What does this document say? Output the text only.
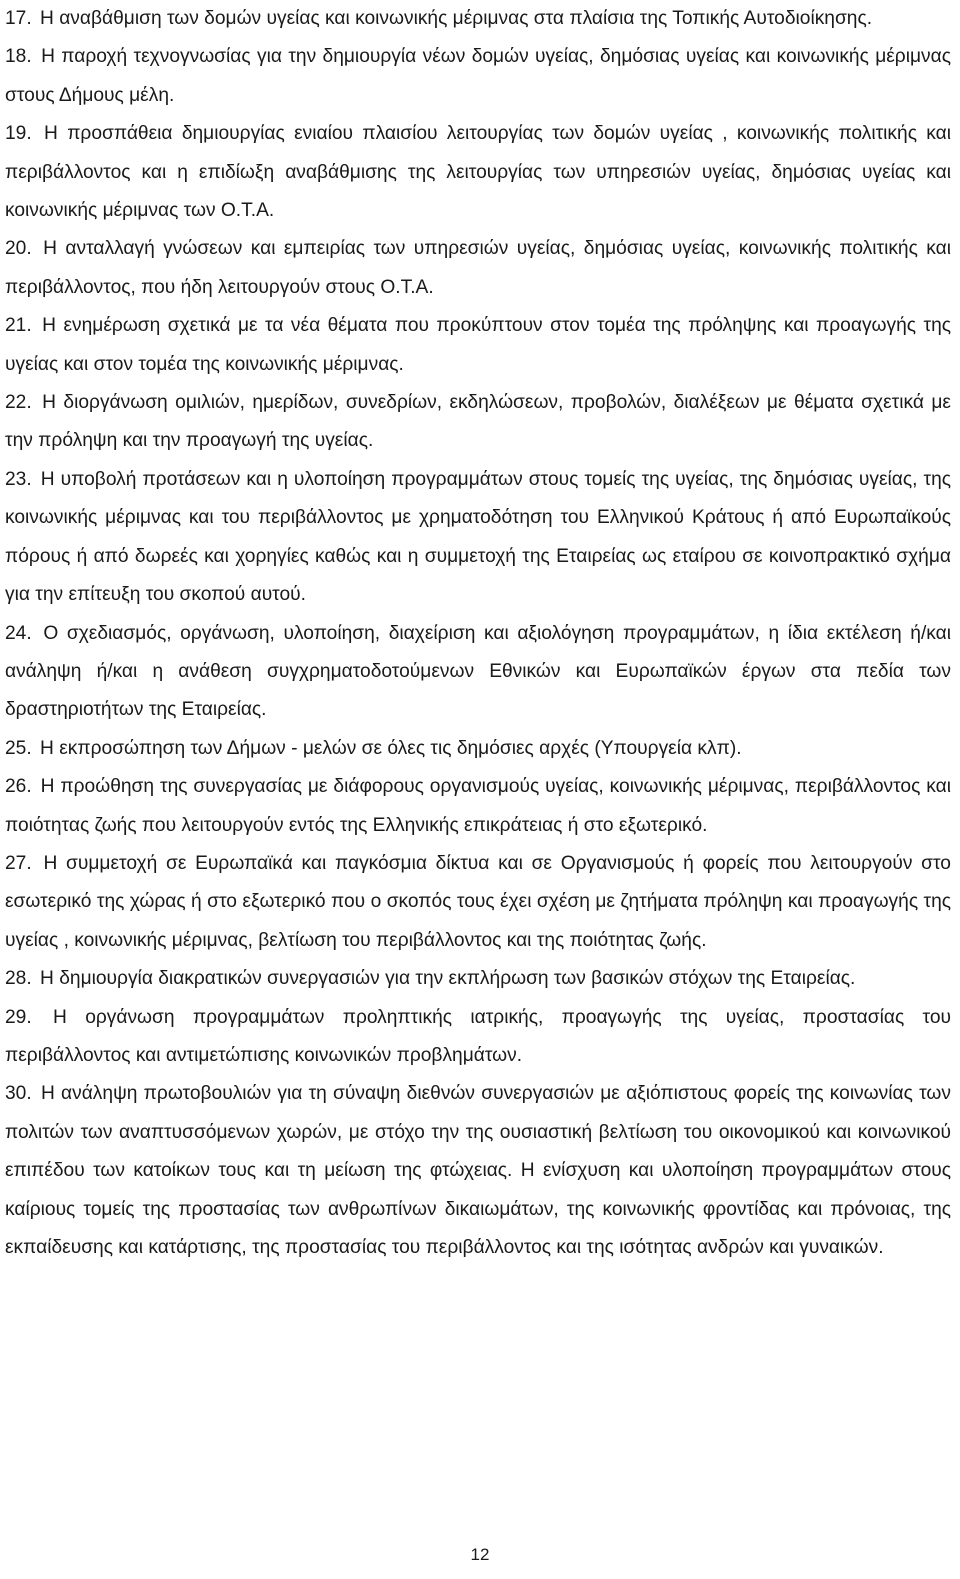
17. Η αναβάθμιση των δομών υγείας και κοινωνικής μέριμνας στα πλαίσια της Τοπικής Αυτοδιοίκησης.

18. Η παροχή τεχνογνωσίας για την δημιουργία νέων δομών υγείας, δημόσιας υγείας και κοινωνικής μέριμνας στους Δήμους μέλη.

19. Η προσπάθεια δημιουργίας ενιαίου πλαισίου λειτουργίας των δομών υγείας , κοινωνικής πολιτικής και περιβάλλοντος και η επιδίωξη αναβάθμισης της λειτουργίας των υπηρεσιών υγείας, δημόσιας υγείας και κοινωνικής μέριμνας των Ο.Τ.Α.

20. Η ανταλλαγή γνώσεων και εμπειρίας των υπηρεσιών υγείας, δημόσιας υγείας, κοινωνικής πολιτικής και περιβάλλοντος, που ήδη λειτουργούν στους Ο.Τ.Α.

21. Η ενημέρωση σχετικά με τα νέα θέματα που προκύπτουν στον τομέα της πρόληψης και προαγωγής της υγείας και στον τομέα της κοινωνικής μέριμνας.

22. Η διοργάνωση ομιλιών, ημερίδων, συνεδρίων, εκδηλώσεων, προβολών, διαλέξεων με θέματα σχετικά με την πρόληψη και την προαγωγή της υγείας.

23. Η υποβολή προτάσεων και η υλοποίηση προγραμμάτων στους τομείς της υγείας, της δημόσιας υγείας, της κοινωνικής μέριμνας και του περιβάλλοντος με χρηματοδότηση του Ελληνικού Κράτους ή από Ευρωπαϊκούς πόρους ή από δωρεές και χορηγίες καθώς και η συμμετοχή της Εταιρείας ως εταίρου σε κοινοπρακτικό σχήμα για την επίτευξη του σκοπού αυτού.

24. Ο σχεδιασμός, οργάνωση, υλοποίηση, διαχείριση και αξιολόγηση προγραμμάτων, η ίδια εκτέλεση ή/και ανάληψη ή/και η ανάθεση συγχρηματοδοτούμενων Εθνικών και Ευρωπαϊκών έργων στα πεδία των δραστηριοτήτων της Εταιρείας.

25. Η εκπροσώπηση των Δήμων - μελών σε όλες τις δημόσιες αρχές (Υπουργεία κλπ).

26. Η προώθηση της συνεργασίας με διάφορους οργανισμούς υγείας, κοινωνικής μέριμνας, περιβάλλοντος και ποιότητας ζωής που λειτουργούν εντός της Ελληνικής επικράτειας ή στο εξωτερικό.

27. Η συμμετοχή σε Ευρωπαϊκά και παγκόσμια δίκτυα και σε Οργανισμούς ή φορείς που λειτουργούν στο εσωτερικό της χώρας ή στο εξωτερικό που ο σκοπός τους έχει σχέση με ζητήματα πρόληψη και προαγωγής της υγείας , κοινωνικής μέριμνας, βελτίωση του περιβάλλοντος και της ποιότητας ζωής.

28. Η δημιουργία διακρατικών συνεργασιών για την εκπλήρωση των βασικών στόχων της Εταιρείας.

29. Η οργάνωση προγραμμάτων προληπτικής ιατρικής, προαγωγής της υγείας, προστασίας του περιβάλλοντος και αντιμετώπισης κοινωνικών προβλημάτων.

30. Η ανάληψη πρωτοβουλιών για τη σύναψη διεθνών συνεργασιών με αξιόπιστους φορείς της κοινωνίας των πολιτών των αναπτυσσόμενων χωρών, με στόχο την της ουσιαστική βελτίωση του οικονομικού και κοινωνικού επιπέδου των κατοίκων τους και τη μείωση της φτώχειας. Η ενίσχυση και υλοποίηση προγραμμάτων στους καίριους τομείς της προστασίας των ανθρωπίνων δικαιωμάτων, της κοινωνικής φροντίδας και πρόνοιας, της εκπαίδευσης και κατάρτισης, της προστασίας του περιβάλλοντος και της ισότητας ανδρών και γυναικών.

12
